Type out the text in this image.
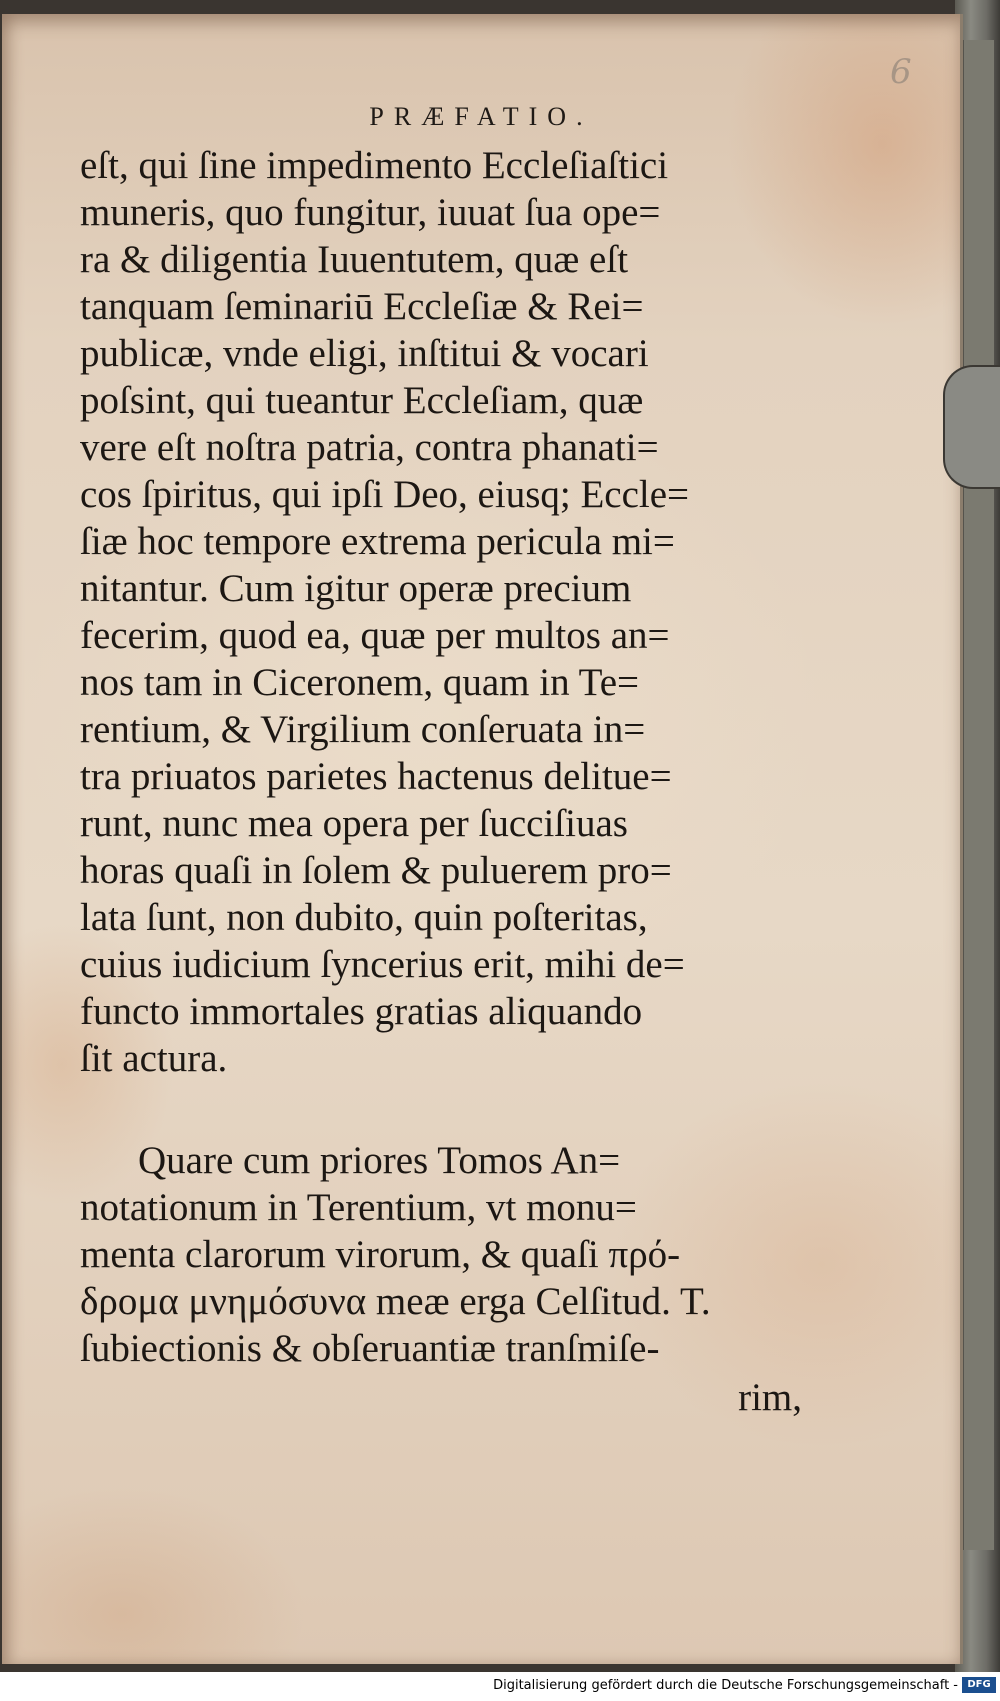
6
PRÆFATIO.
eſt, qui ſine impedimento Eccleſiaſtici
muneris, quo fungitur, iuuat ſua ope=
ra & diligentia Iuuentutem, quæ eſt
tanquam ſeminariū Eccleſiæ & Rei=
publicæ, vnde eligi, inſtitui & vocari
poſsint, qui tueantur Eccleſiam, quæ
vere eſt noſtra patria, contra phanati=
cos ſpiritus, qui ipſi Deo, eiusq; Eccle=
ſiæ hoc tempore extrema pericula mi=
nitantur. Cum igitur operæ precium
fecerim, quod ea, quæ per multos an=
nos tam in Ciceronem, quam in Te=
rentium, & Virgilium conſeruata in=
tra priuatos parietes hactenus delitue=
runt, nunc mea opera per ſucciſiuas
horas quaſi in ſolem & puluerem pro=
lata ſunt, non dubito, quin poſteritas,
cuius iudicium ſyncerius erit, mihi de=
functo immortales gratias aliquando
ſit actura.
Quare cum priores Tomos An=
notationum in Terentium, vt monu=
menta clarorum virorum, & quaſi πρό-
δρομα μνημόσυνα meæ erga Celſitud. T.
ſubiectionis & obſeruantiæ tranſmiſe-
rim,
Digitalisierung gefördert durch die Deutsche Forschungsgemeinschaft - DFG
